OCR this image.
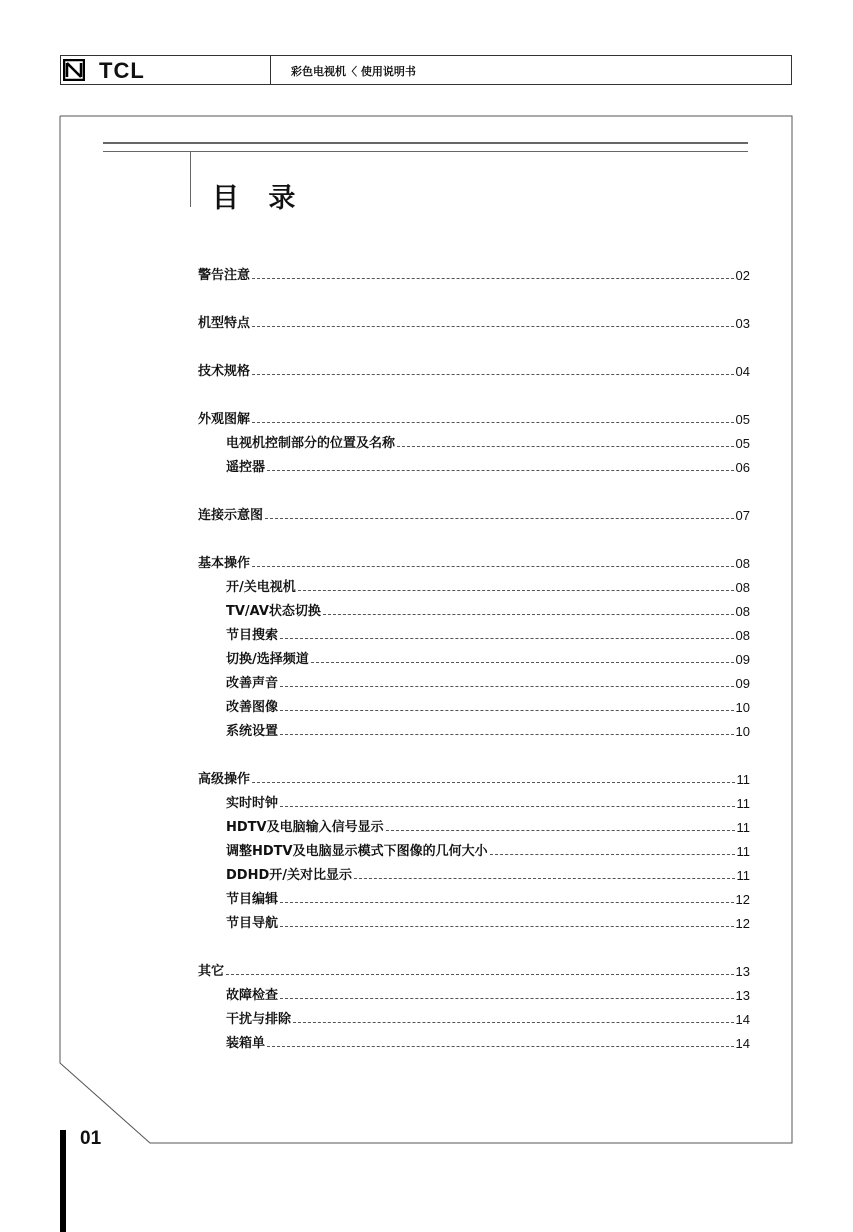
TCL	彩色电视机〈 使用说明书
目 录
警告注意	02
机型特点	03
技术规格	04
外观图解	05
电视机控制部分的位置及名称	05
遥控器	06
连接示意图	07
基本操作	08
开/关电视机	08
TV/AV状态切换	08
节目搜索	08
切换/选择频道	09
改善声音	09
改善图像	10
系统设置	10
高级操作	11
实时时钟	11
HDTV及电脑输入信号显示	11
调整HDTV及电脑显示模式下图像的几何大小	11
DDHD开/关对比显示	11
节目编辑	12
节目导航	12
其它	13
故障检查	13
干扰与排除	14
装箱单	14
01
